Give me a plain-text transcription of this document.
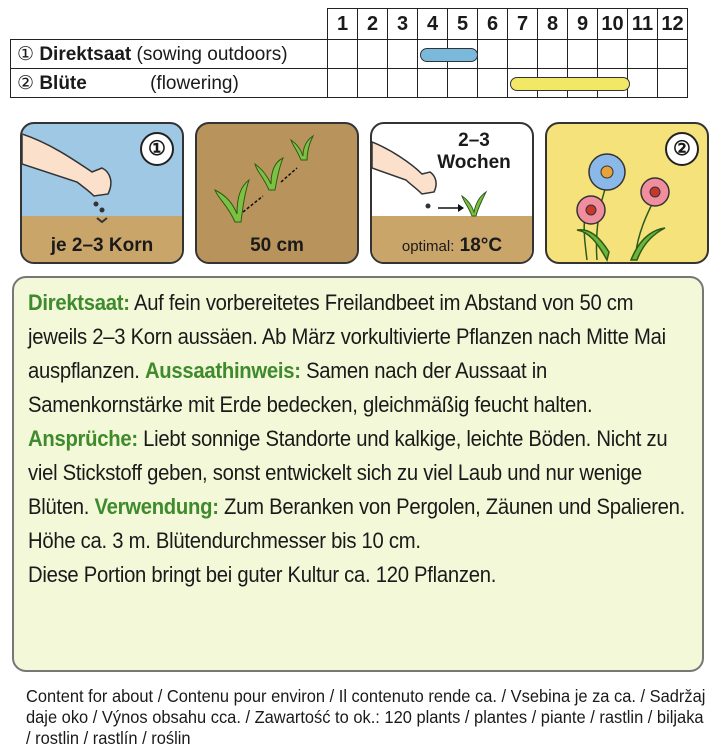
	1	2	3	4	5	6	7	8	9	10	11	12
① Direktsaat (sowing outdoors)				

② Blüte (flowering)							

①
je 2–3 Korn	50 cm
2–3
Wochen
optimal: 18°C
②
Direktsaat: Auf fein vorbereitetes Freilandbeet im Abstand von 50 cm jeweils 2–3 Korn aussäen. Ab März vorkultivierte Pflanzen nach Mitte Mai auspflanzen. Aussaathinweis: Samen nach der Aussaat in Samenkornstärke mit Erde bedecken, gleichmäßig feucht halten. Ansprüche: Liebt sonnige Standorte und kalkige, leichte Böden. Nicht zu viel Stickstoff geben, sonst entwickelt sich zu viel Laub und nur wenige Blüten. Verwendung: Zum Beranken von Pergolen, Zäunen und Spalieren. Höhe ca. 3 m. Blütendurchmesser bis 10 cm.
Diese Portion bringt bei guter Kultur ca. 120 Pflanzen.
Content for about / Contenu pour environ / Il contenuto rende ca. / Vsebina je za ca. / Sadržaj daje oko / Výnos obsahu cca. / Zawartość to ok.: 120 plants / plantes / piante / rastlin / biljaka / rostlin / rastlín / roślin
